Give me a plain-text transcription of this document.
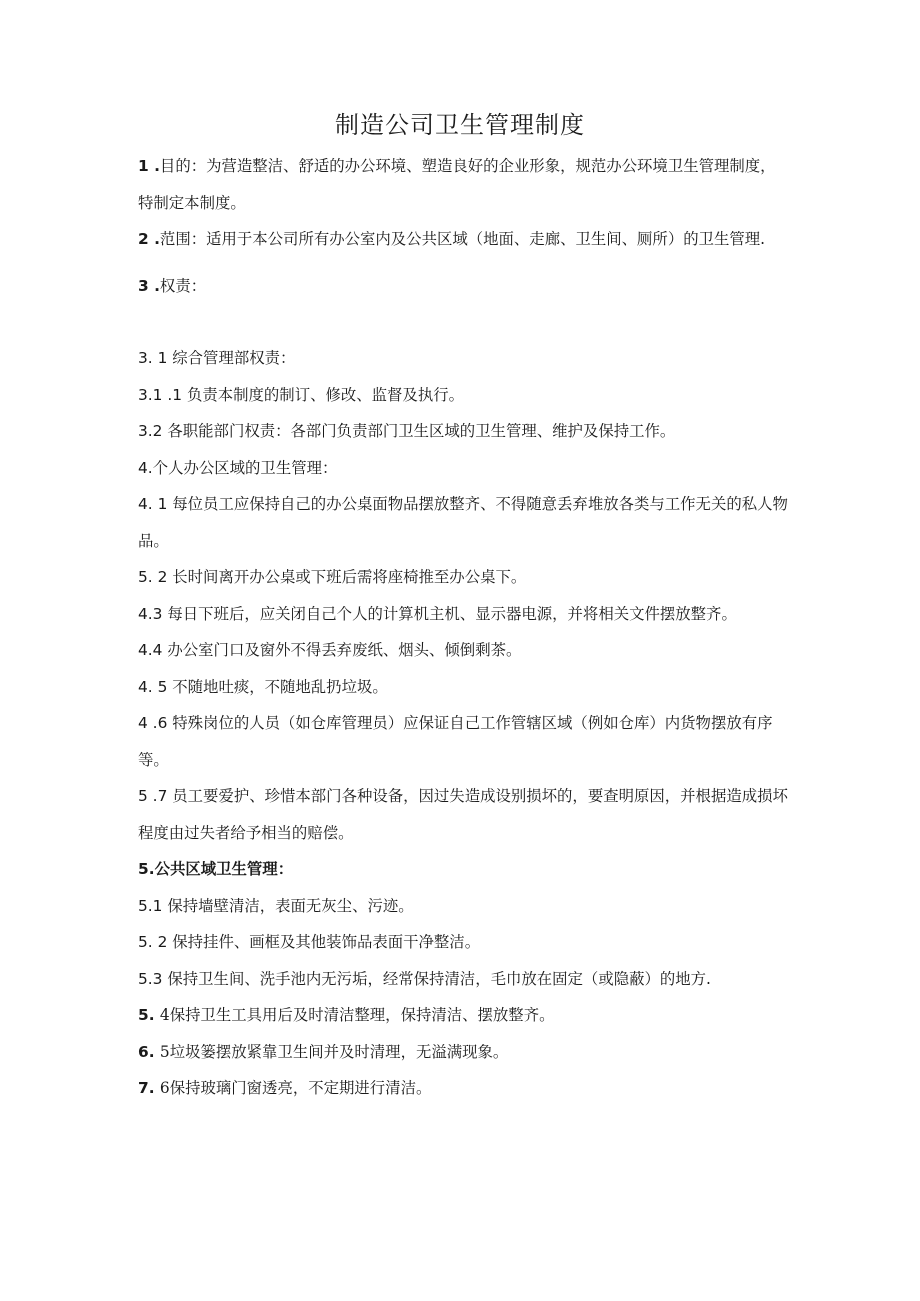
制造公司卫生管理制度

1 .目的：为营造整洁、舒适的办公环境、塑造良好的企业形象，规范办公环境卫生管理制度，特制定本制度。

2 .范围：适用于本公司所有办公室内及公共区域（地面、走廊、卫生间、厕所）的卫生管理.

3 .权责：

3. 1 综合管理部权责：

3.1 .1 负责本制度的制订、修改、监督及执行。

3.2 各职能部门权责：各部门负责部门卫生区域的卫生管理、维护及保持工作。

4.个人办公区域的卫生管理：

4. 1 每位员工应保持自己的办公桌面物品摆放整齐、不得随意丢弃堆放各类与工作无关的私人物品。

5. 2 长时间离开办公桌或下班后需将座椅推至办公桌下。

4.3 每日下班后，应关闭自己个人的计算机主机、显示器电源，并将相关文件摆放整齐。

4.4 办公室门口及窗外不得丢弃废纸、烟头、倾倒剩茶。

4. 5 不随地吐痰，不随地乱扔垃圾。

4 .6 特殊岗位的人员（如仓库管理员）应保证自己工作管辖区域（例如仓库）内货物摆放有序等。

5 .7 员工要爱护、珍惜本部门各种设备，因过失造成设别损坏的，要查明原因，并根据造成损坏程度由过失者给予相当的赔偿。

5.公共区域卫生管理：

5.1 保持墙壁清洁，表面无灰尘、污迹。

5. 2 保持挂件、画框及其他装饰品表面干净整洁。

5.3 保持卫生间、洗手池内无污垢，经常保持清洁，毛巾放在固定（或隐蔽）的地方.

5. 4保持卫生工具用后及时清洁整理，保持清洁、摆放整齐。

6. 5垃圾篓摆放紧靠卫生间并及时清理，无溢满现象。

7. 6保持玻璃门窗透亮，不定期进行清洁。
